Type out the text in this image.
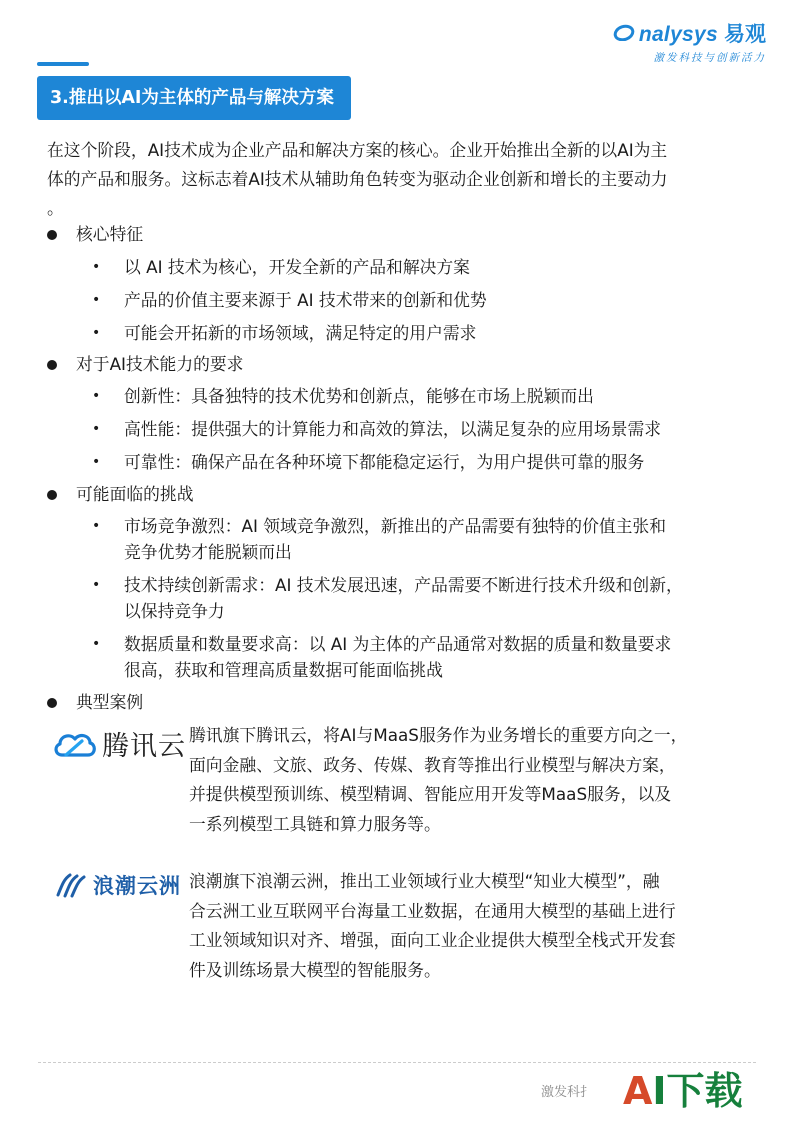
nalysys 易观
激发科技与创新活力
3.推出以AI为主体的产品与解决方案
在这个阶段，AI技术成为企业产品和解决方案的核心。企业开始推出全新的以AI为主
体的产品和服务。这标志着AI技术从辅助角色转变为驱动企业创新和增长的主要动力
。
核心特征
•	以 AI 技术为核心，开发全新的产品和解决方案
•	产品的价值主要来源于 AI 技术带来的创新和优势
•	可能会开拓新的市场领域，满足特定的用户需求
对于AI技术能力的要求
•	创新性：具备独特的技术优势和创新点，能够在市场上脱颖而出
•	高性能：提供强大的计算能力和高效的算法，以满足复杂的应用场景需求
•	可靠性：确保产品在各种环境下都能稳定运行，为用户提供可靠的服务
可能面临的挑战
•	市场竞争激烈：AI 领域竞争激烈，新推出的产品需要有独特的价值主张和
竞争优势才能脱颖而出
•	技术持续创新需求：AI 技术发展迅速，产品需要不断进行技术升级和创新，
以保持竞争力
•	数据质量和数量要求高：以 AI 为主体的产品通常对数据的质量和数量要求
很高，获取和管理高质量数据可能面临挑战
典型案例
腾讯云 腾讯旗下腾讯云，将AI与MaaS服务作为业务增长的重要方向之一，
面向金融、文旅、政务、传媒、教育等推出行业模型与解决方案，
并提供模型预训练、模型精调、智能应用开发等MaaS服务，以及
一系列模型工具链和算力服务等。
浪潮云洲 浪潮旗下浪潮云洲，推出工业领域行业大模型“知业大模型”，融
合云洲工业互联网平台海量工业数据，在通用大模型的基础上进行
工业领域知识对齐、增强，面向工业企业提供大模型全栈式开发套
件及训练场景大模型的智能服务。
激发科扌 A I下载
